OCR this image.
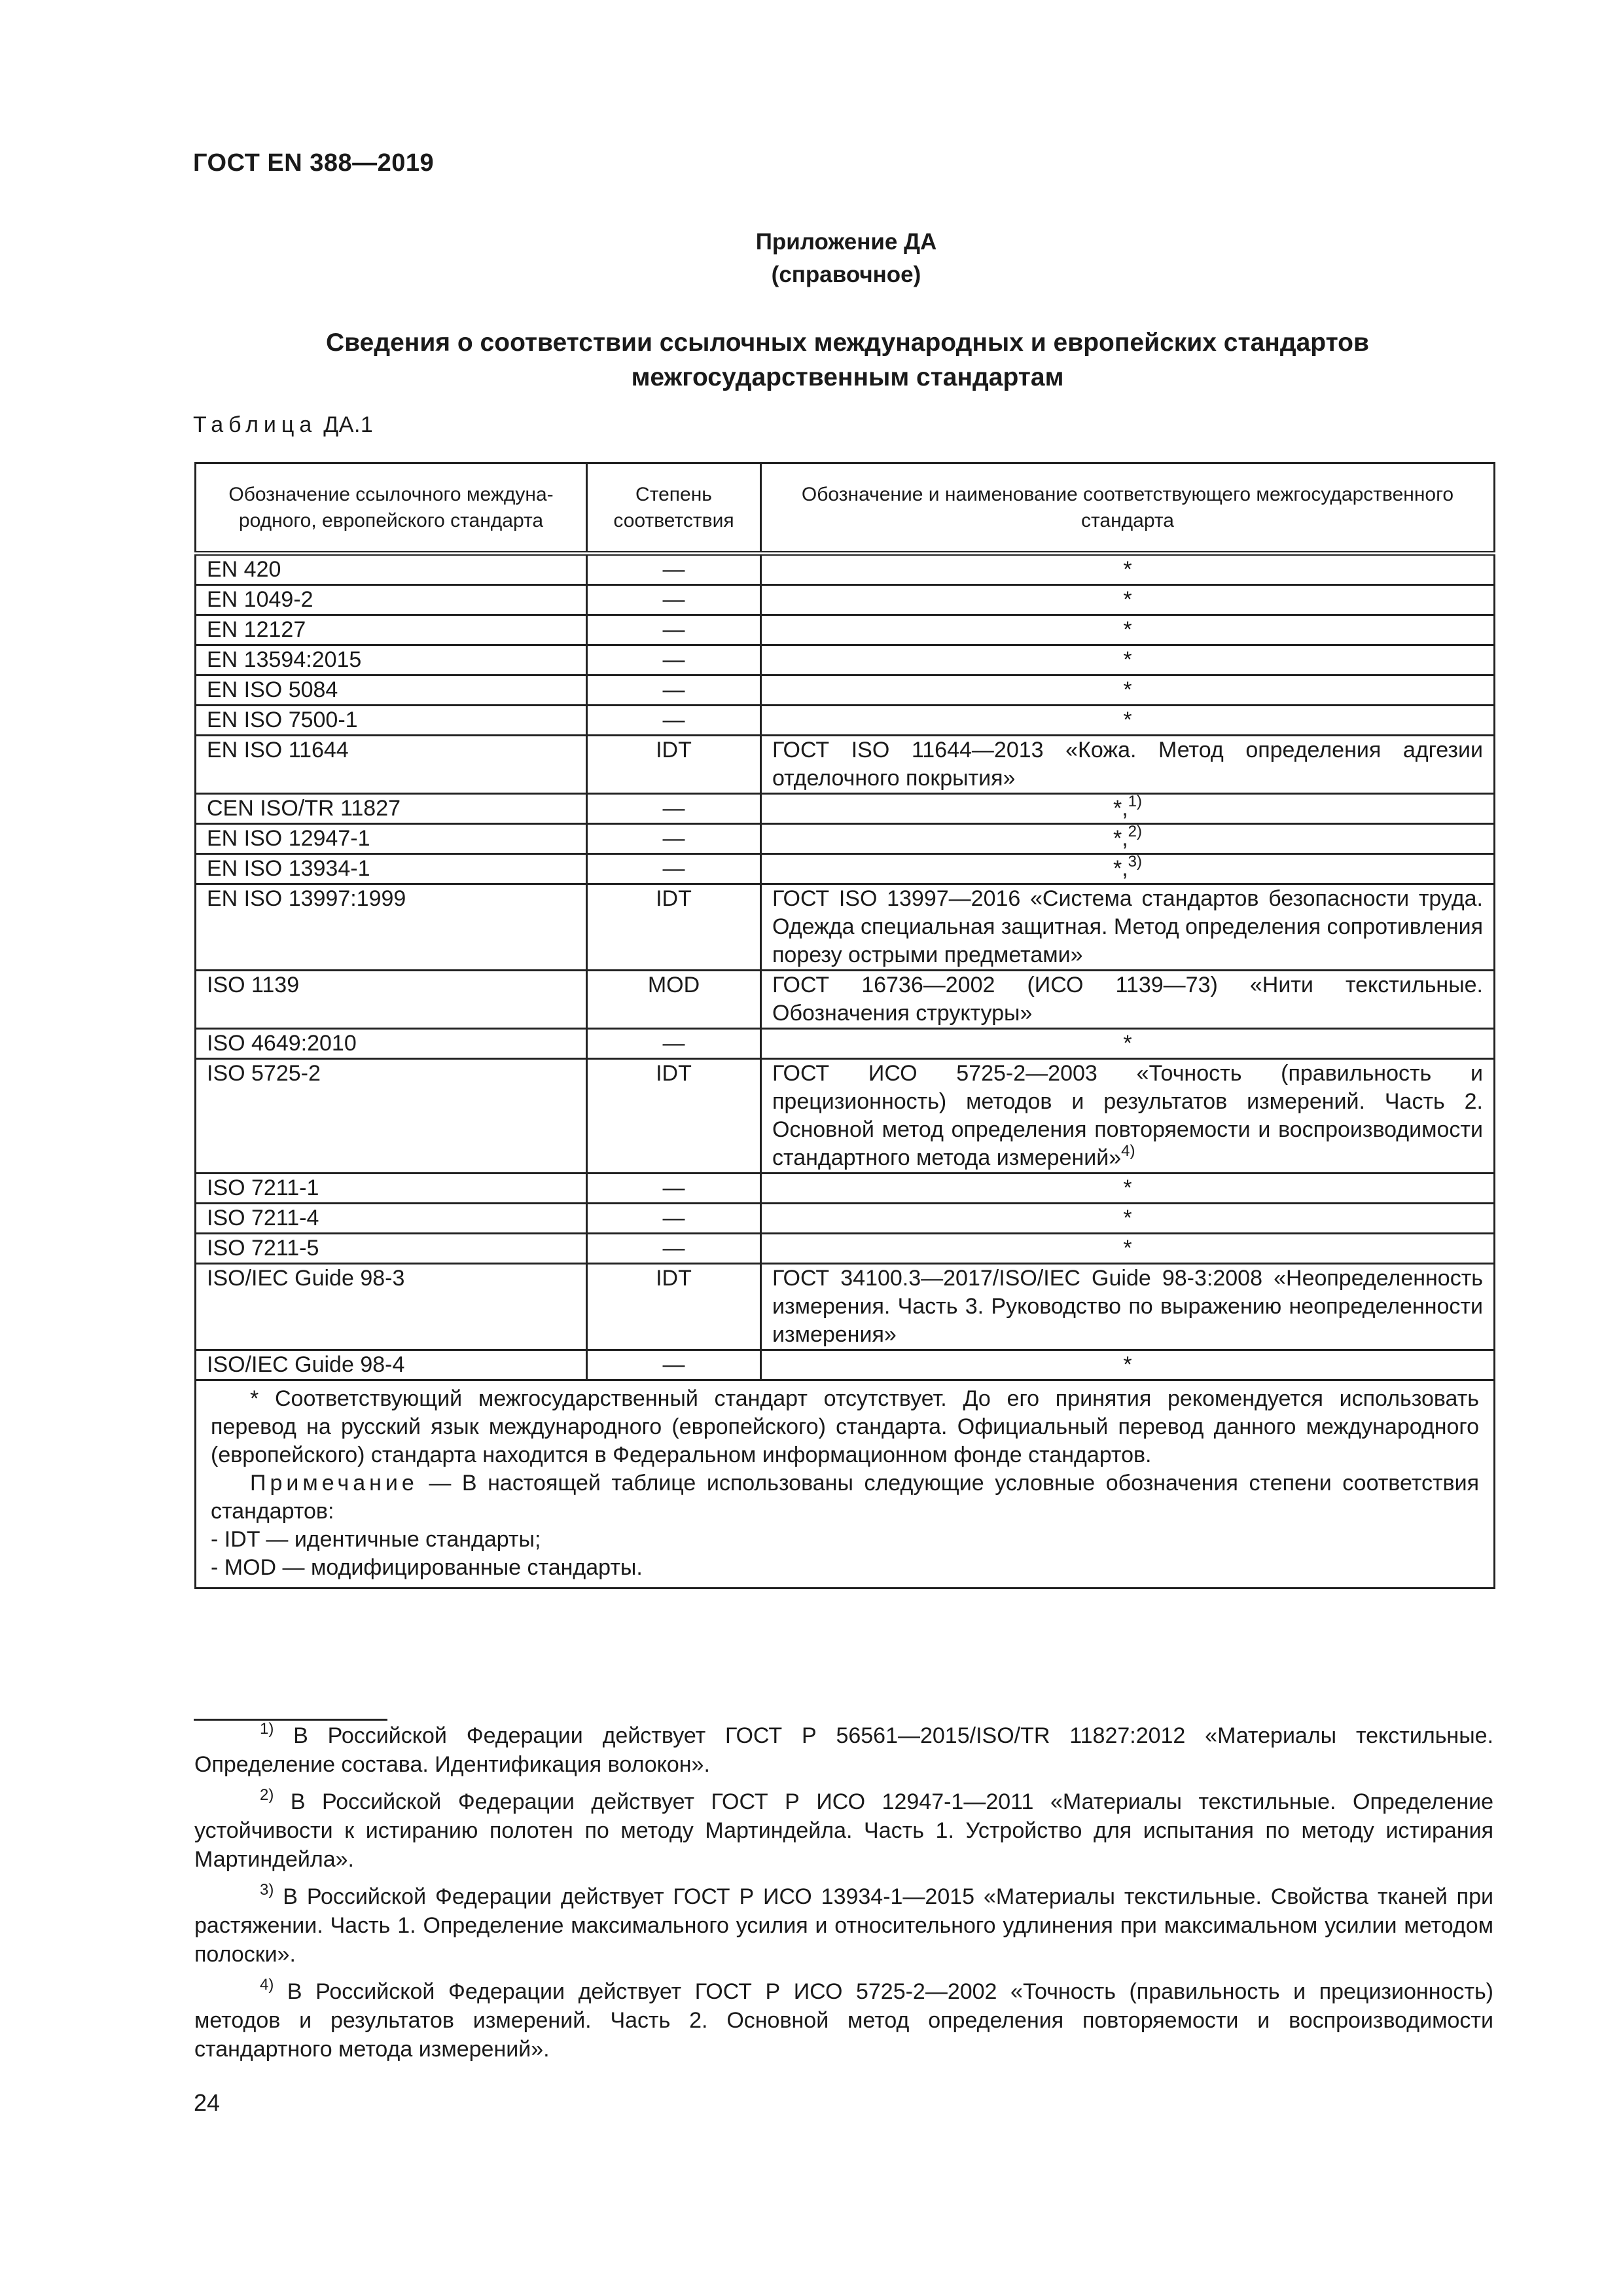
ГОСТ EN 388—2019
Приложение ДА
(справочное)
Сведения о соответствии ссылочных международных и европейских стандартов
межгосударственным стандартам
Таблица ДА.1
Обозначение ссылочного междуна-родного, европейского стандарта	Степень соответствия	Обозначение и наименование соответствующего межгосударственного стандарта
EN 420	—	*
EN 1049-2	—	*
EN 12127	—	*
EN 13594:2015	—	*
EN ISO 5084	—	*
EN ISO 7500-1	—	*
EN ISO 11644	IDT	ГОСТ ISO 11644—2013 «Кожа. Метод определения адгезии отделочного покрытия»
CEN ISO/TR 11827	—	*,$^{1)}$
EN ISO 12947-1	—	*,$^{2)}$
EN ISO 13934-1	—	*,$^{3)}$
EN ISO 13997:1999	IDT	ГОСТ ISO 13997—2016 «Система стандартов безопасности труда. Одежда специальная защитная. Метод определения сопротивления порезу острыми предметами»
ISO 1139	MOD	ГОСТ 16736—2002 (ИСО 1139—73) «Нити текстильные. Обозначения структуры»
ISO 4649:2010	—	*
ISO 5725-2	IDT	ГОСТ ИСО 5725-2—2003 «Точность (правильность и прецизионность) методов и результатов измерений. Часть 2. Основной метод определения повторяемости и воспроизводимости стандартного метода измерений»$^{4)}$
ISO 7211-1	—	*
ISO 7211-4	—	*
ISO 7211-5	—	*
ISO/IEC Guide 98-3	IDT	ГОСТ 34100.3—2017/ISO/IEC Guide 98-3:2008 «Неопределенность измерения. Часть 3. Руководство по выражению неопределенности измерения»
ISO/IEC Guide 98-4	—	*

* Соответствующий межгосударственный стандарт отсутствует. До его принятия рекомендуется использовать перевод на русский язык международного (европейского) стандарта. Официальный перевод данного международного (европейского) стандарта находится в Федеральном информационном фонде стандартов.

Примечание — В настоящей таблице использованы следующие условные обозначения степени соответствия стандартов:

- IDT — идентичные стандарты;

- MOD — модифицированные стандарты.		

$^{1)}$ В Российской Федерации действует ГОСТ Р 56561—2015/ISO/TR 11827:2012 «Материалы текстильные. Определение состава. Идентификация волокон».

$^{2)}$ В Российской Федерации действует ГОСТ Р ИСО 12947-1—2011 «Материалы текстильные. Определение устойчивости к истиранию полотен по методу Мартиндейла. Часть 1. Устройство для испытания по методу истирания Мартиндейла».

$^{3)}$ В Российской Федерации действует ГОСТ Р ИСО 13934-1—2015 «Материалы текстильные. Свойства тканей при растяжении. Часть 1. Определение максимального усилия и относительного удлинения при максимальном усилии методом полоски».

$^{4)}$ В Российской Федерации действует ГОСТ Р ИСО 5725-2—2002 «Точность (правильность и прецизионность) методов и результатов измерений. Часть 2. Основной метод определения повторяемости и воспроизводимости стандартного метода измерений».

24
